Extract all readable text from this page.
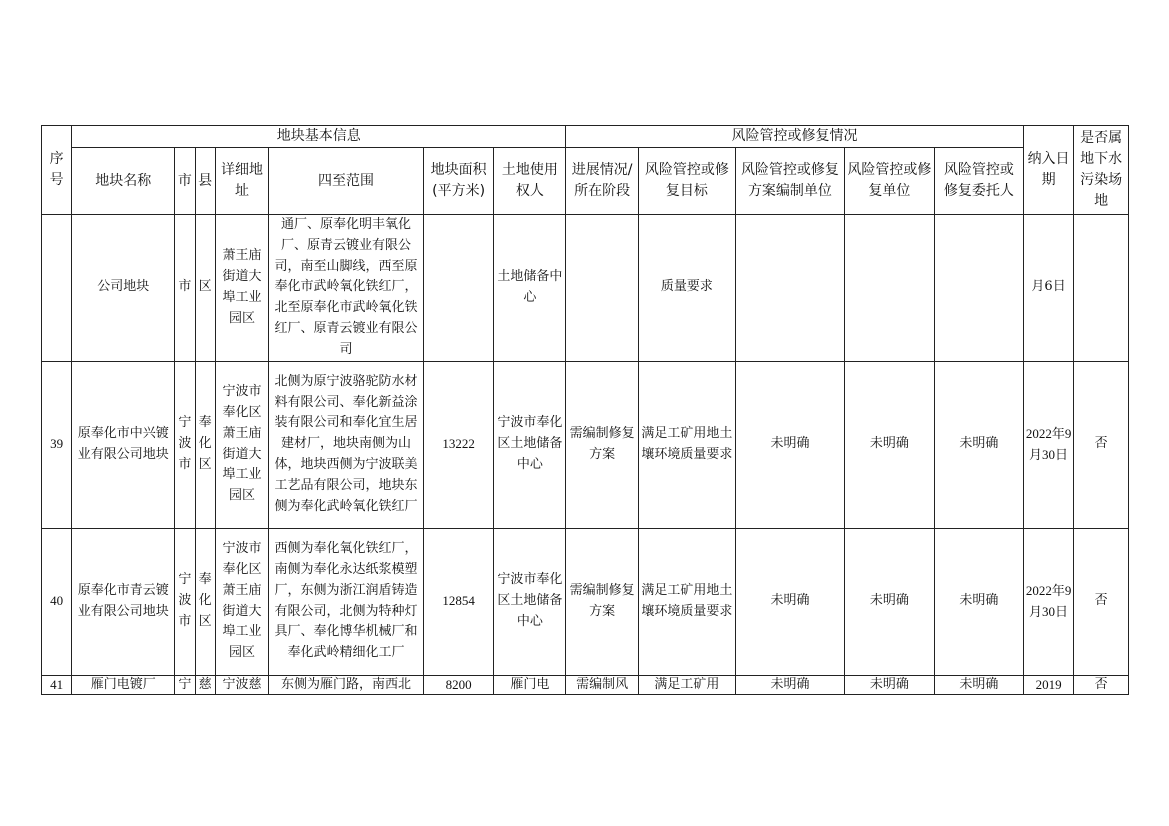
序号	地块基本信息							风险管控或修复情况					纳入日期	是否属地下水污染场地
	地块名称	市	县	详细地址	四至范围	地块面积(平方米)	土地使用权人	进展情况/所在阶段	风险管控或修复目标	风险管控或修复方案编制单位	风险管控或修复单位	风险管控或修复委托人		
	公司地块	市	区	萧王庙街道大埠工业园区	通厂、原奉化明丰氧化厂、原青云镀业有限公司，南至山脚线，西至原奉化市武岭氧化铁红厂，北至原奉化市武岭氧化铁红厂、原青云镀业有限公司		土地储备中心		质量要求				月6日	
39	原奉化市中兴镀业有限公司地块	宁波市	奉化区	宁波市奉化区萧王庙街道大埠工业园区	北侧为原宁波骆驼防水材料有限公司、奉化新益涂装有限公司和奉化宜生居建材厂，地块南侧为山体，地块西侧为宁波联美工艺品有限公司，地块东侧为奉化武岭氧化铁红厂	13222	宁波市奉化区土地储备中心	需编制修复方案	满足工矿用地土壤环境质量要求	未明确	未明确	未明确	2022年9月30日	否
40	原奉化市青云镀业有限公司地块	宁波市	奉化区	宁波市奉化区萧王庙街道大埠工业园区	西侧为奉化氧化铁红厂，南侧为奉化永达纸浆模塑厂，东侧为浙江润盾铸造有限公司，北侧为特种灯具厂、奉化博华机械厂和奉化武岭精细化工厂	12854	宁波市奉化区土地储备中心	需编制修复方案	满足工矿用地土壤环境质量要求	未明确	未明确	未明确	2022年9月30日	否
41	雁门电镀厂	宁	慈	宁波慈	东侧为雁门路，南西北	8200	雁门电	需编制风	满足工矿用	未明确	未明确	未明确	2019	否
